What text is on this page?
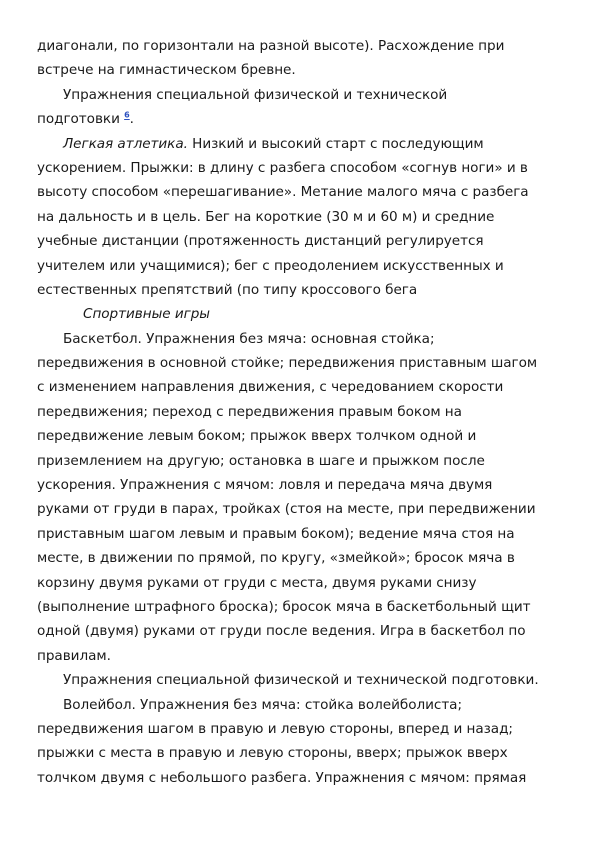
диагонали, по горизонтали на разной высоте). Расхождение при
встрече на гимнастическом бревне.
Упражнения специальной физической и технической
подготовки $^6$.
Легкая атлетика. Низкий и высокий старт с последующим
ускорением. Прыжки: в длину с разбега способом «согнув ноги» и в
высоту способом «перешагивание». Метание малого мяча с разбега
на дальность и в цель. Бег на короткие (30 м и 60 м) и средние
учебные дистанции (протяженность дистанций регулируется
учителем или учащимися); бег с преодолением искусственных и
естественных препятствий (по типу кроссового бега
Спортивные игры
Баскетбол. Упражнения без мяча: основная стойка;
передвижения в основной стойке; передвижения приставным шагом
с изменением направления движения, с чередованием скорости
передвижения; переход с передвижения правым боком на
передвижение левым боком; прыжок вверх толчком одной и
приземлением на другую; остановка в шаге и прыжком после
ускорения. Упражнения с мячом: ловля и передача мяча двумя
руками от груди в парах, тройках (стоя на месте, при передвижении
приставным шагом левым и правым боком); ведение мяча стоя на
месте, в движении по прямой, по кругу, «змейкой»; бросок мяча в
корзину двумя руками от груди с места, двумя руками снизу
(выполнение штрафного броска); бросок мяча в баскетбольный щит
одной (двумя) руками от груди после ведения. Игра в баскетбол по
правилам.
Упражнения специальной физической и технической подготовки.
Волейбол. Упражнения без мяча: стойка волейболиста;
передвижения шагом в правую и левую стороны, вперед и назад;
прыжки с места в правую и левую стороны, вверх; прыжок вверх
толчком двумя с небольшого разбега. Упражнения с мячом: прямая
